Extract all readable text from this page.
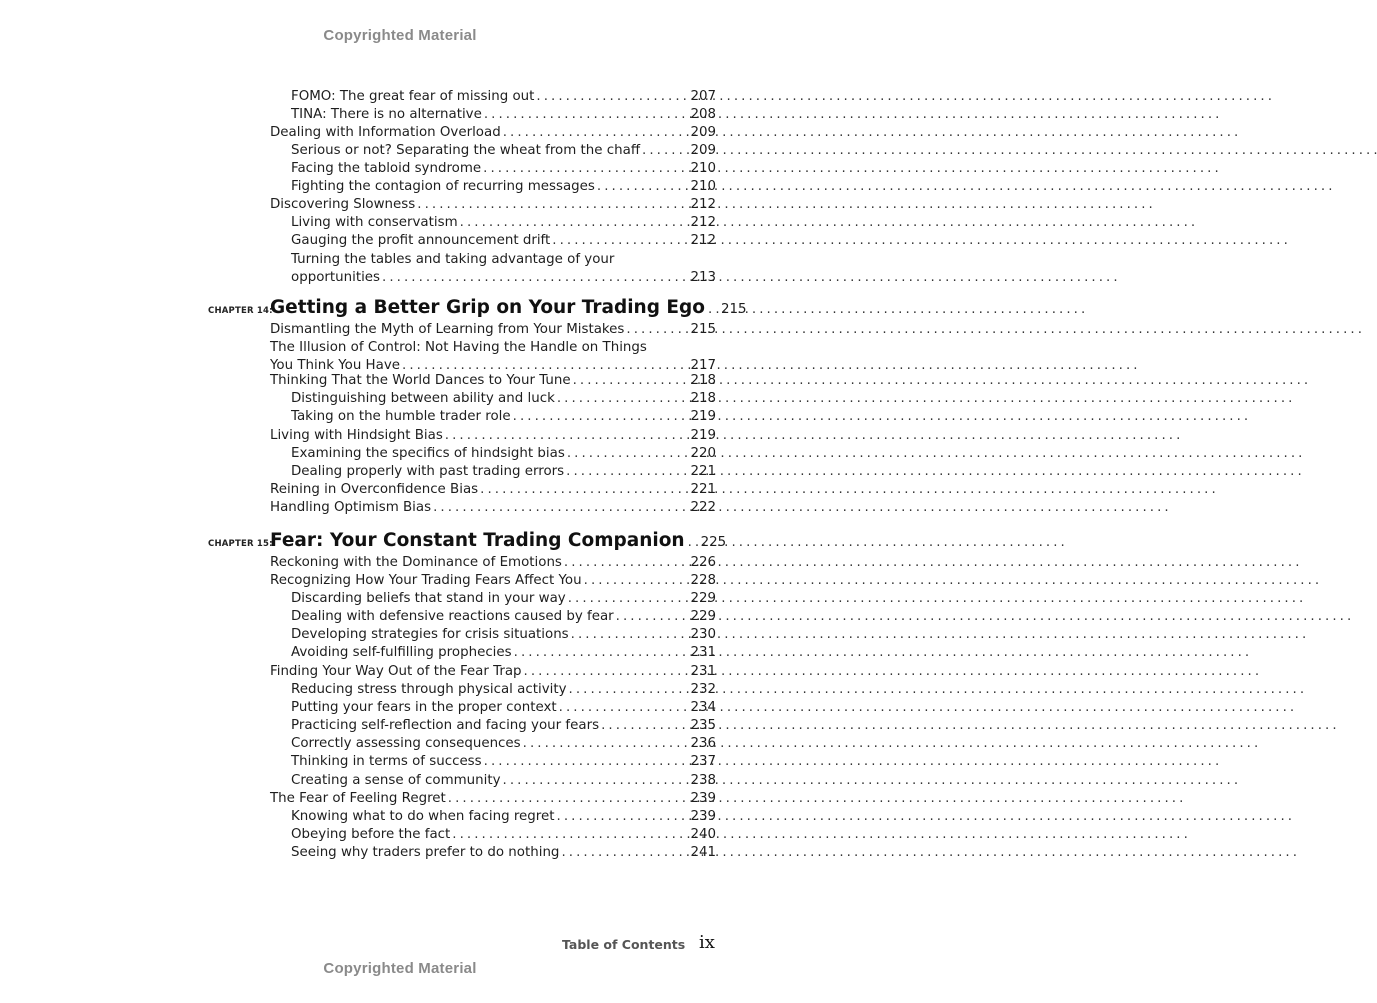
Copyrighted Material
FOMO: The great fear of missing out . . .	207
TINA: There is no alternative . . .	208
Dealing with Information Overload . . .	209
Serious or not? Separating the wheat from the chaff . . .	209
Facing the tabloid syndrome . . .	210
Fighting the contagion of recurring messages . . .	210
Discovering Slowness . . .	212
Living with conservatism . . .	212
Gauging the profit announcement drift . . .	212
Turning the tables and taking advantage of your
opportunities . . .	213
CHAPTER 14:
Getting a Better Grip on Your Trading Ego . . . 215
Dismantling the Myth of Learning from Your Mistakes . . .	215
The Illusion of Control: Not Having the Handle on Things
You Think You Have . . .	217
Thinking That the World Dances to Your Tune . . .	218
Distinguishing between ability and luck . . .	218
Taking on the humble trader role . . .	219
Living with Hindsight Bias . . .	219
Examining the specifics of hindsight bias . . .	220
Dealing properly with past trading errors . . .	221
Reining in Overconfidence Bias . . .	221
Handling Optimism Bias . . .	222
CHAPTER 15:
Fear: Your Constant Trading Companion . . . 225
Reckoning with the Dominance of Emotions . . .	226
Recognizing How Your Trading Fears Affect You . . .	228
Discarding beliefs that stand in your way . . .	229
Dealing with defensive reactions caused by fear . . .	229
Developing strategies for crisis situations . . .	230
Avoiding self-fulfilling prophecies . . .	231
Finding Your Way Out of the Fear Trap . . .	231
Reducing stress through physical activity . . .	232
Putting your fears in the proper context . . .	234
Practicing self-reflection and facing your fears . . .	235
Correctly assessing consequences . . .	236
Thinking in terms of success . . .	237
Creating a sense of community . . .	238
The Fear of Feeling Regret . . .	239
Knowing what to do when facing regret . . .	239
Obeying before the fact . . .	240
Seeing why traders prefer to do nothing . . .	241
Table of Contents ix
Copyrighted Material
